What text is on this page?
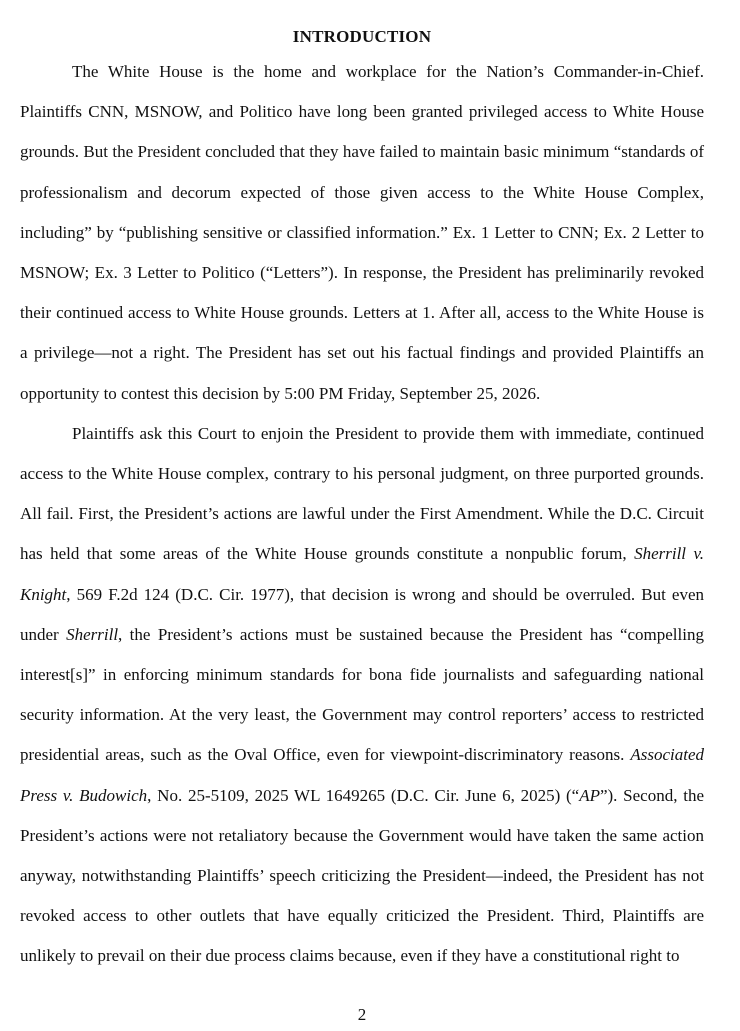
INTRODUCTION

The White House is the home and workplace for the Nation’s Commander-in-Chief. Plaintiffs CNN, MSNOW, and Politico have long been granted privileged access to White House grounds. But the President concluded that they have failed to maintain basic minimum “standards of professionalism and decorum expected of those given access to the White House Complex, including” by “publishing sensitive or classified information.” Ex. 1 Letter to CNN; Ex. 2 Letter to MSNOW; Ex. 3 Letter to Politico (“Letters”). In response, the President has preliminarily revoked their continued access to White House grounds. Letters at 1. After all, access to the White House is a privilege—not a right. The President has set out his factual findings and provided Plaintiffs an opportunity to contest this decision by 5:00 PM Friday, September 25, 2026.

Plaintiffs ask this Court to enjoin the President to provide them with immediate, continued access to the White House complex, contrary to his personal judgment, on three purported grounds. All fail. First, the President’s actions are lawful under the First Amendment. While the D.C. Circuit has held that some areas of the White House grounds constitute a nonpublic forum, Sherrill v. Knight, 569 F.2d 124 (D.C. Cir. 1977), that decision is wrong and should be overruled. But even under Sherrill, the President’s actions must be sustained because the President has “compelling interest[s]” in enforcing minimum standards for bona fide journalists and safeguarding national security information. At the very least, the Government may control reporters’ access to restricted presidential areas, such as the Oval Office, even for viewpoint-discriminatory reasons. Associated Press v. Budowich, No. 25-5109, 2025 WL 1649265 (D.C. Cir. June 6, 2025) (“AP”). Second, the President’s actions were not retaliatory because the Government would have taken the same action anyway, notwithstanding Plaintiffs’ speech criticizing the President—indeed, the President has not revoked access to other outlets that have equally criticized the President. Third, Plaintiffs are unlikely to prevail on their due process claims because, even if they have a constitutional right to

2
